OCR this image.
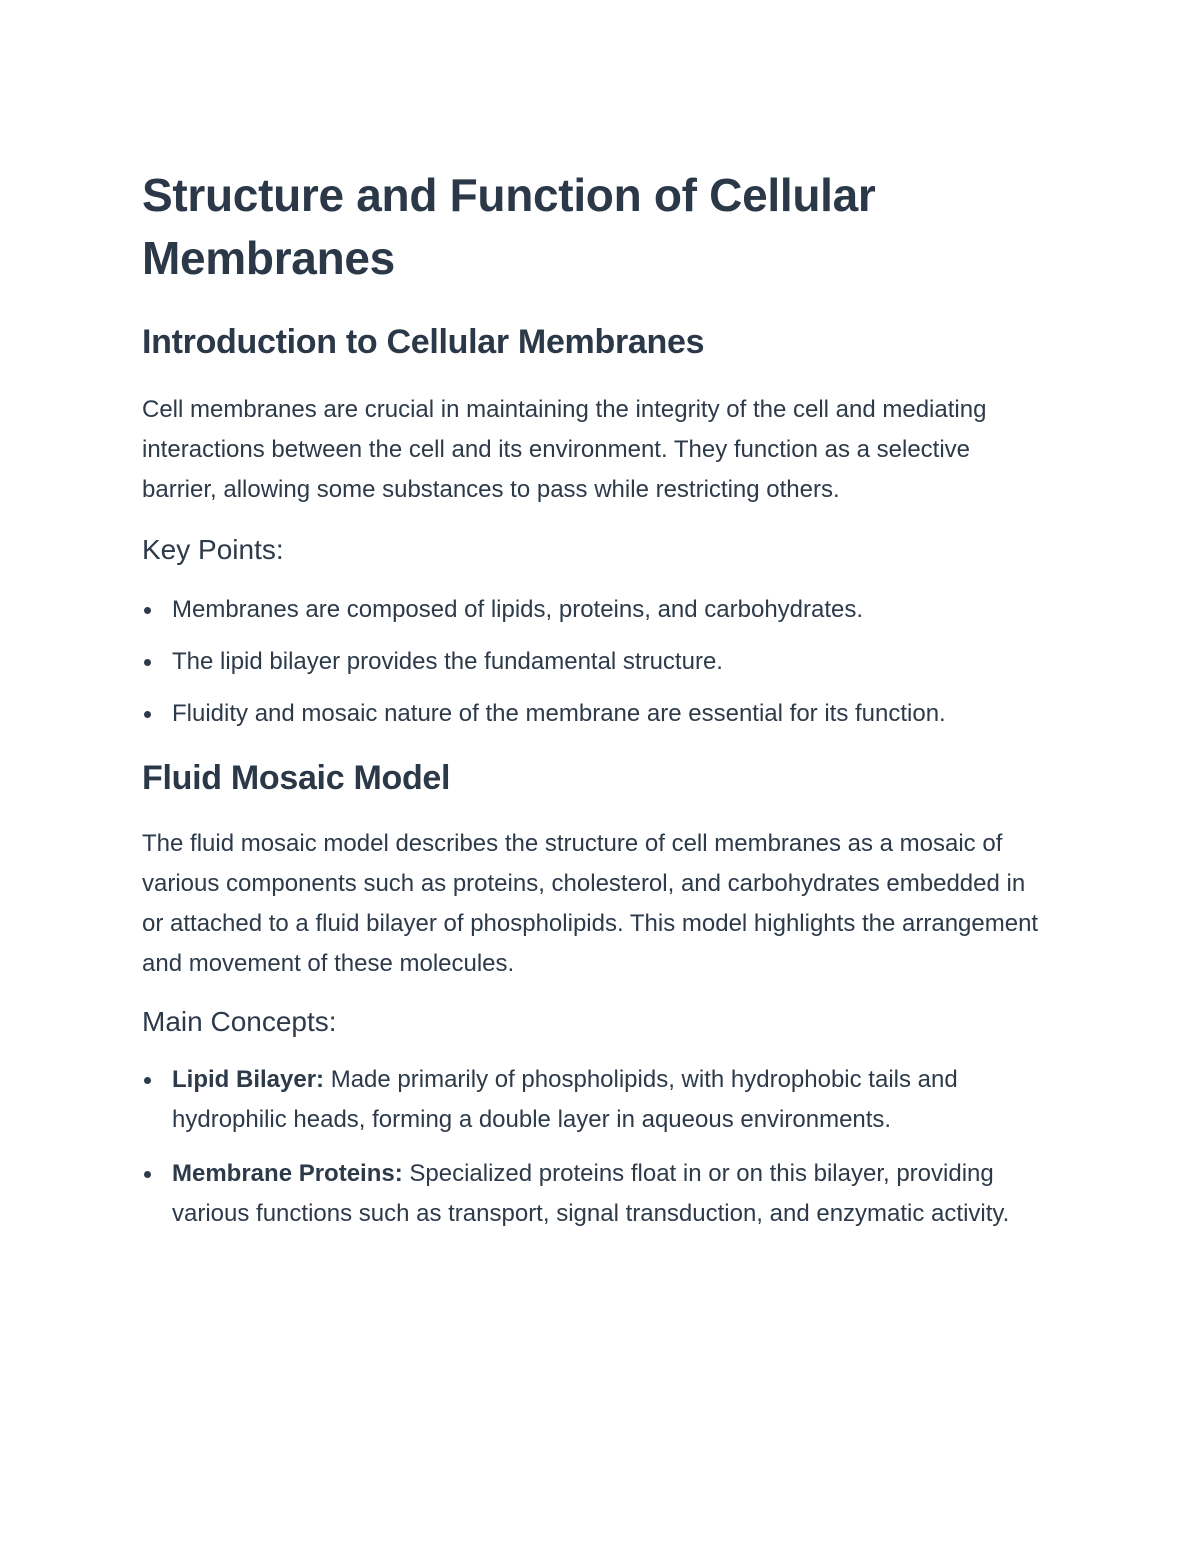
Structure and Function of Cellular Membranes
Introduction to Cellular Membranes

Cell membranes are crucial in maintaining the integrity of the cell and mediating interactions between the cell and its environment. They function as a selective barrier, allowing some substances to pass while restricting others.

Key Points:
Membranes are composed of lipids, proteins, and carbohydrates.
The lipid bilayer provides the fundamental structure.
Fluidity and mosaic nature of the membrane are essential for its function.
Fluid Mosaic Model

The fluid mosaic model describes the structure of cell membranes as a mosaic of various components such as proteins, cholesterol, and carbohydrates embedded in or attached to a fluid bilayer of phospholipids. This model highlights the arrangement and movement of these molecules.

Main Concepts:
Lipid Bilayer: Made primarily of phospholipids, with hydrophobic tails and hydrophilic heads, forming a double layer in aqueous environments.
Membrane Proteins: Specialized proteins float in or on this bilayer, providing various functions such as transport, signal transduction, and enzymatic activity.
